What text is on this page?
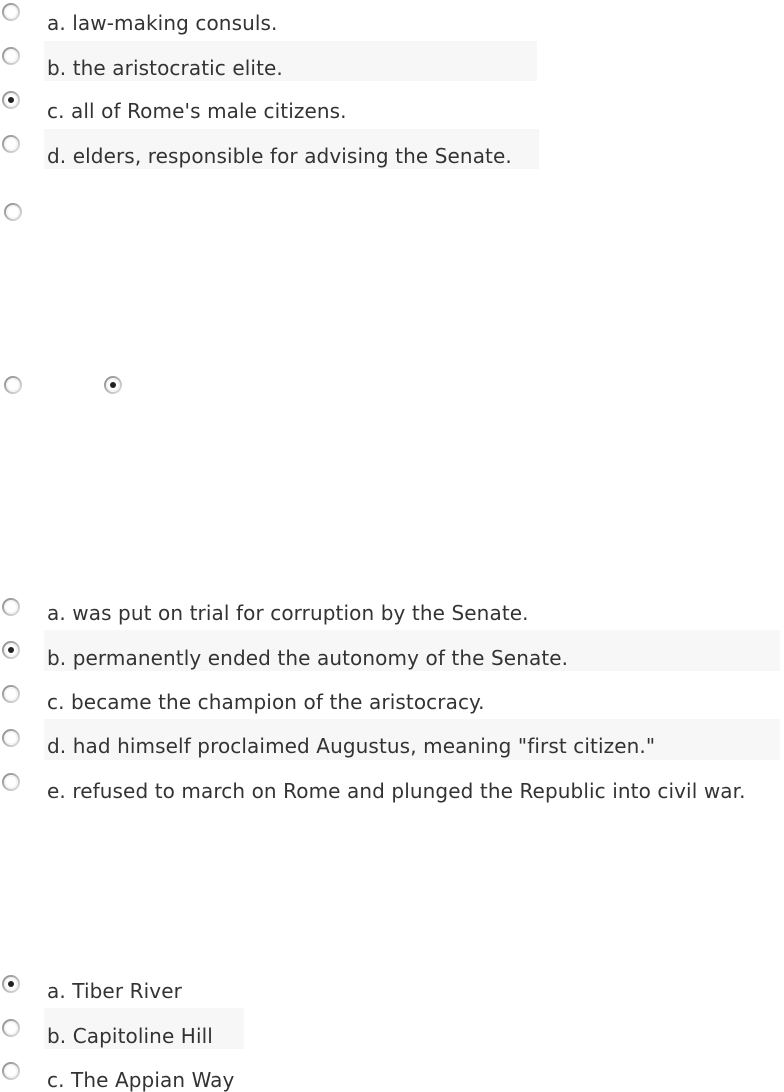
a. law-making consuls.
b. the aristocratic elite.
c. all of Rome's male citizens.
d. elders, responsible for advising the Senate.
a. was put on trial for corruption by the Senate.
b. permanently ended the autonomy of the Senate.
c. became the champion of the aristocracy.
d. had himself proclaimed Augustus, meaning "first citizen."
e. refused to march on Rome and plunged the Republic into civil war.
a. Tiber River
b. Capitoline Hill
c. The Appian Way
